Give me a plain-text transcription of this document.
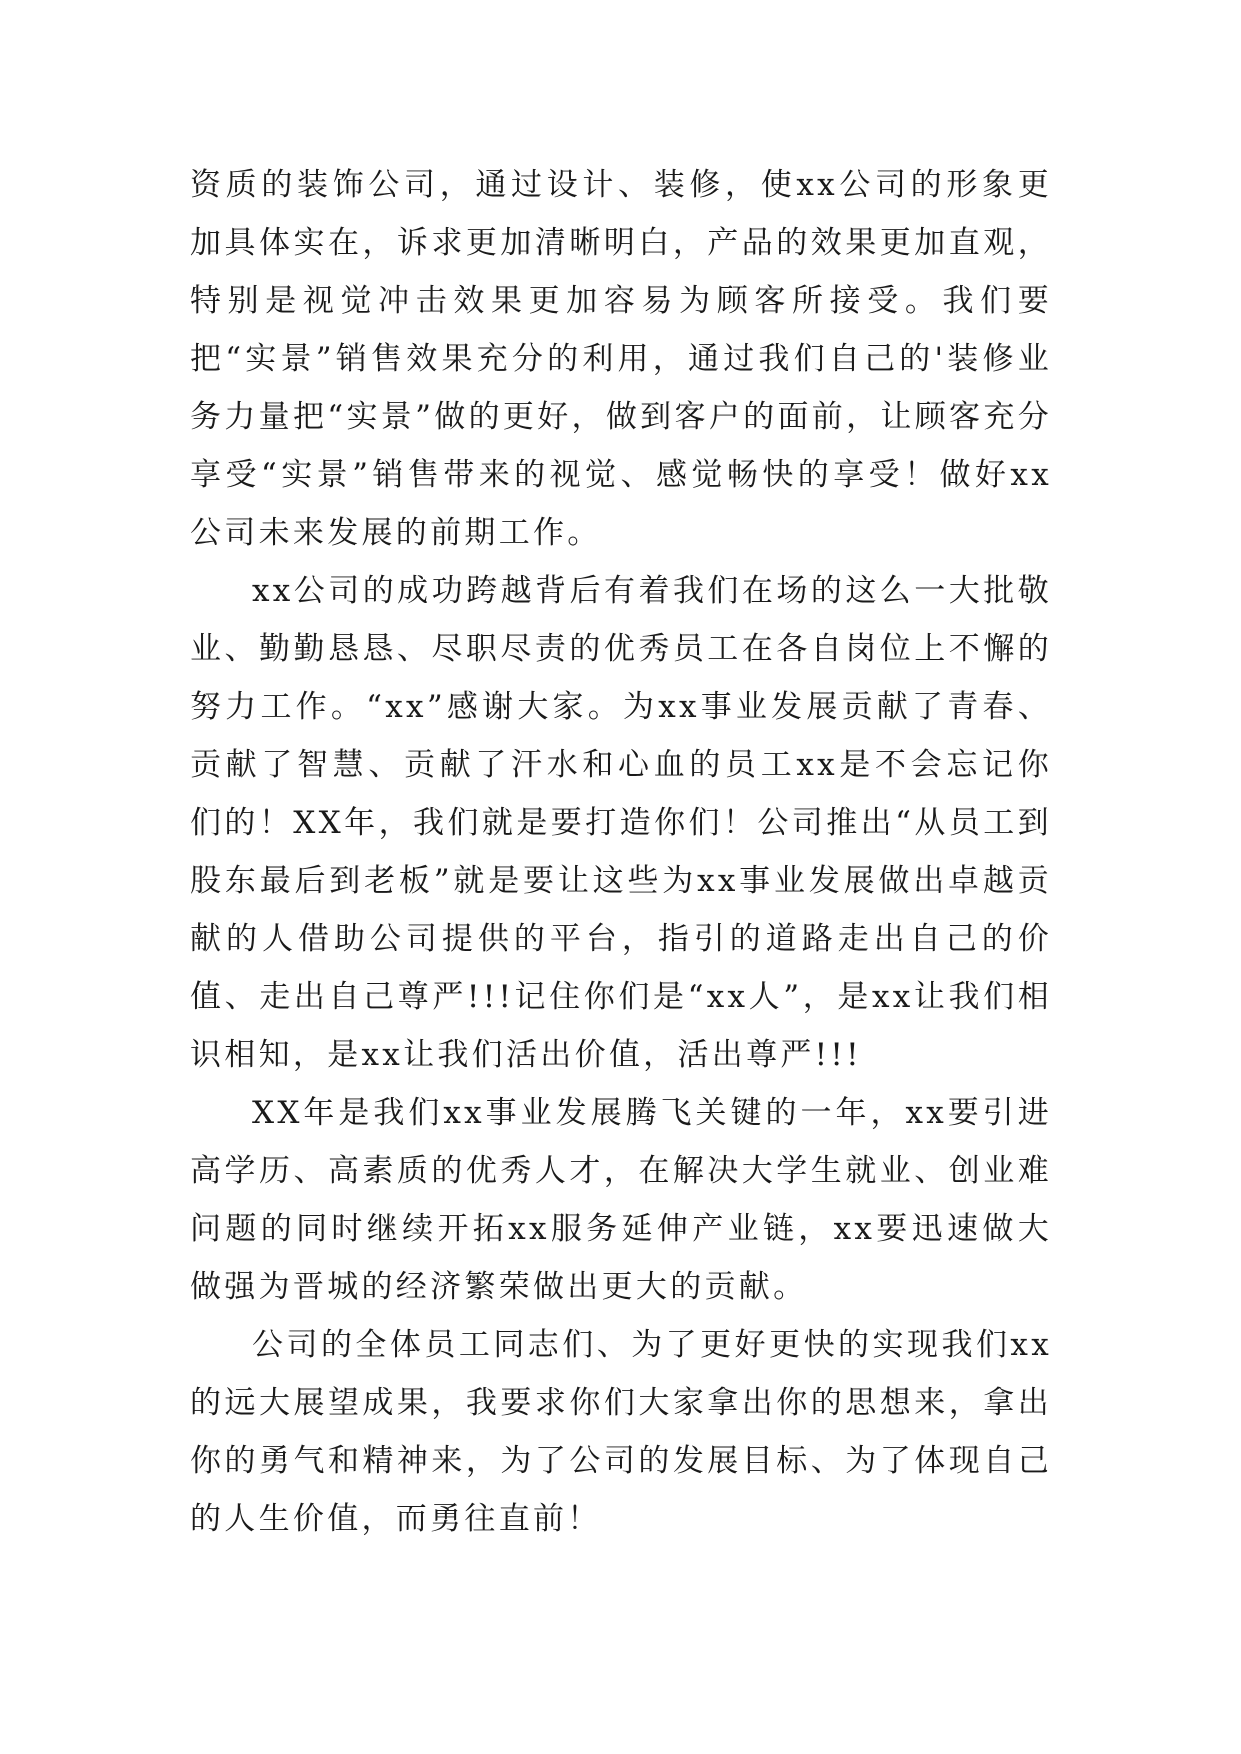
资质的装饰公司，通过设计、装修，使xx公司的形象更加具体实在，诉求更加清晰明白，产品的效果更加直观，特别是视觉冲击效果更加容易为顾客所接受。我们要把“实景”销售效果充分的利用，通过我们自己的'装修业务力量把“实景”做的更好，做到客户的面前，让顾客充分享受“实景”销售带来的视觉、感觉畅快的享受！做好xx公司未来发展的前期工作。

xx公司的成功跨越背后有着我们在场的这么一大批敬业、勤勤恳恳、尽职尽责的优秀员工在各自岗位上不懈的努力工作。“xx”感谢大家。为xx事业发展贡献了青春、贡献了智慧、贡献了汗水和心血的员工xx是不会忘记你们的！XX年，我们就是要打造你们！公司推出“从员工到股东最后到老板”就是要让这些为xx事业发展做出卓越贡献的人借助公司提供的平台，指引的道路走出自己的价值、走出自己尊严!!!记住你们是“xx人”，是xx让我们相识相知，是xx让我们活出价值，活出尊严!!!

XX年是我们xx事业发展腾飞关键的一年，xx要引进高学历、高素质的优秀人才，在解决大学生就业、创业难问题的同时继续开拓xx服务延伸产业链，xx要迅速做大做强为晋城的经济繁荣做出更大的贡献。

公司的全体员工同志们、为了更好更快的实现我们xx的远大展望成果，我要求你们大家拿出你的思想来，拿出你的勇气和精神来，为了公司的发展目标、为了体现自己的人生价值，而勇往直前！
